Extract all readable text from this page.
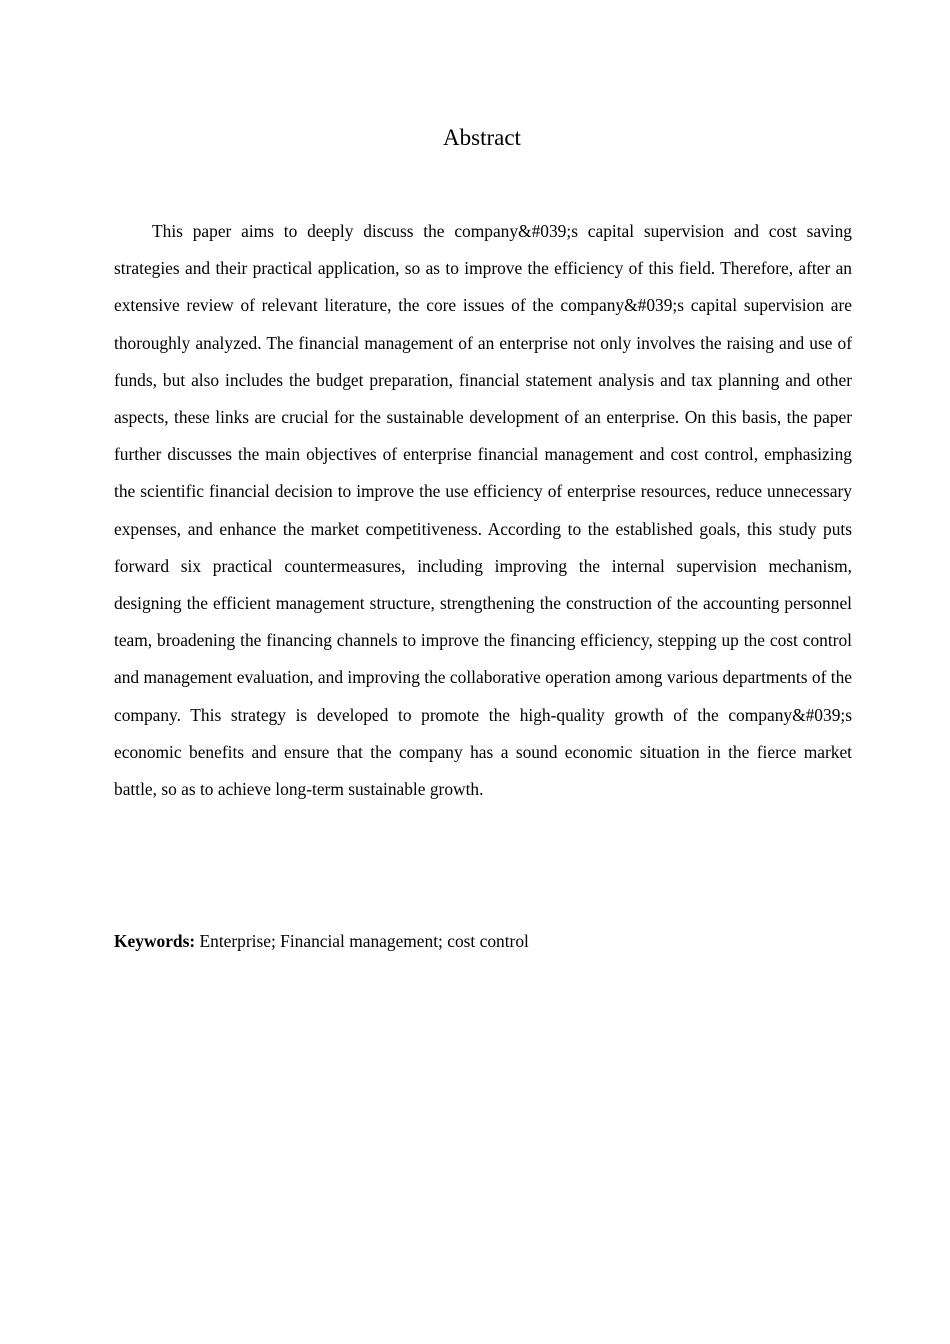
Abstract

This paper aims to deeply discuss the company&#039;s capital supervision and cost saving strategies and their practical application, so as to improve the efficiency of this field. Therefore, after an extensive review of relevant literature, the core issues of the company&#039;s capital supervision are thoroughly analyzed. The financial management of an enterprise not only involves the raising and use of funds, but also includes the budget preparation, financial statement analysis and tax planning and other aspects, these links are crucial for the sustainable development of an enterprise. On this basis, the paper further discusses the main objectives of enterprise financial management and cost control, emphasizing the scientific financial decision to improve the use efficiency of enterprise resources, reduce unnecessary expenses, and enhance the market competitiveness. According to the established goals, this study puts forward six practical countermeasures, including improving the internal supervision mechanism, designing the efficient management structure, strengthening the construction of the accounting personnel team, broadening the financing channels to improve the financing efficiency, stepping up the cost control and management evaluation, and improving the collaborative operation among various departments of the company. This strategy is developed to promote the high-quality growth of the company&#039;s economic benefits and ensure that the company has a sound economic situation in the fierce market battle, so as to achieve long-term sustainable growth.

Keywords: Enterprise; Financial management; cost control
